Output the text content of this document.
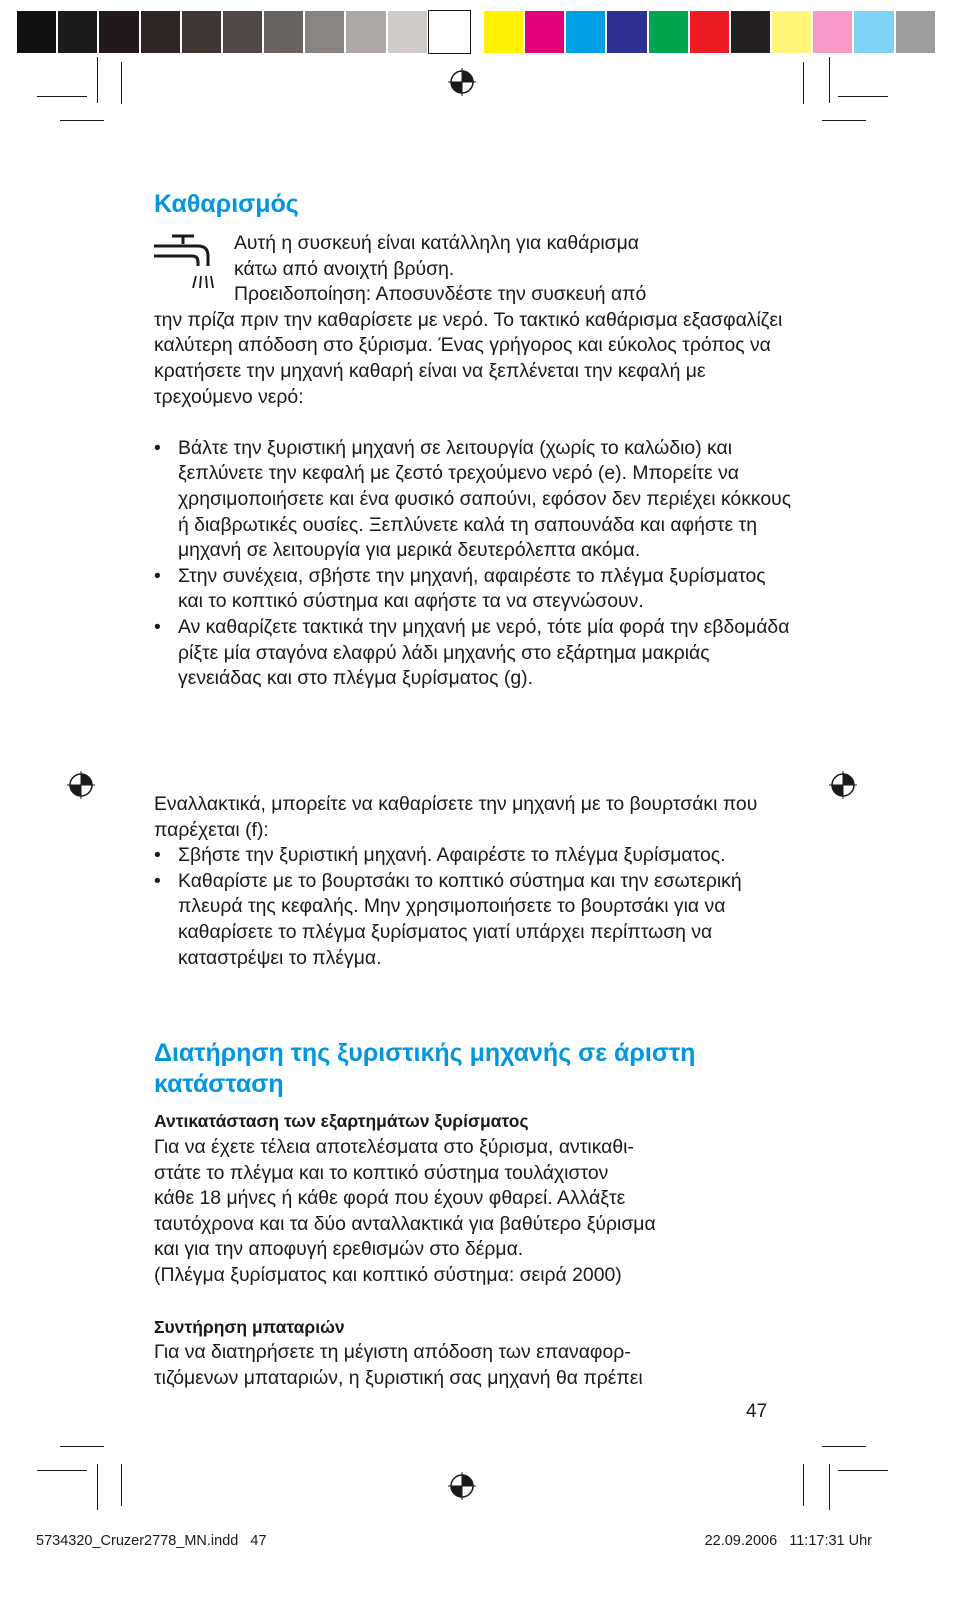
Καθαρισμός

Αυτή η συσκευή είναι κατάλληλη για καθάρισμα

κάτω από ανοιχτή βρύση.

Προειδοποίηση: Αποσυνδέστε την συσκευή από

την πρίζα πριν την καθαρίσετε με νερό. Το τακτικό καθάρισμα εξασφαλίζει καλύτερη απόδοση στο ξύρισμα. Ένας γρήγορος και εύκολος τρόπος να κρατήσετε την μηχανή καθαρή είναι να ξεπλένεται την κεφαλή με τρεχούμενο νερό:

• Βάλτε την ξυριστική μηχανή σε λειτουργία (χωρίς το καλώδιο) και ξεπλύνετε την κεφαλή με ζεστό τρεχούμενο νερό (e). Μπορείτε να χρησιμοποιήσετε και ένα φυσικό σαπούνι, εφόσον δεν περιέχει κόκκους ή διαβρωτικές ουσίες. Ξεπλύνετε καλά τη σαπουνάδα και αφήστε τη μηχανή σε λειτουργία για μερικά δευτερόλεπτα ακόμα.
• Στην συνέχεια, σβήστε την μηχανή, αφαιρέστε το πλέγμα ξυρίσματος και το κοπτικό σύστημα και αφήστε τα να στεγνώσουν.
• Αν καθαρίζετε τακτικά την μηχανή με νερό, τότε μία φορά την εβδομάδα ρίξτε μία σταγόνα ελαφρύ λάδι μηχανής στο εξάρτημα μακριάς γενειάδας και στο πλέγμα ξυρίσματος (g).

Εναλλακτικά, μπορείτε να καθαρίσετε την μηχανή με το βουρτσάκι που παρέχεται (f):

• Σβήστε την ξυριστική μηχανή. Αφαιρέστε το πλέγμα ξυρίσματος.
• Καθαρίστε με το βουρτσάκι το κοπτικό σύστημα και την εσωτερική πλευρά της κεφαλής. Μην χρησιμοποιήσετε το βουρτσάκι για να καθαρίσετε το πλέγμα ξυρίσματος γιατί υπάρχει περίπτωση να καταστρέψει το πλέγμα.
Διατήρηση της ξυριστικής μηχανής σε άριστη
κατάσταση
Αντικατάσταση των εξαρτημάτων ξυρίσματος

Για να έχετε τέλεια αποτελέσματα στο ξύρισμα, αντικαθι-

στάτε το πλέγμα και το κοπτικό σύστημα τουλάχιστον

κάθε 18 μήνες ή κάθε φορά που έχουν φθαρεί. Αλλάξτε

ταυτόχρονα και τα δύο ανταλλακτικά για βαθύτερο ξύρισμα

και για την αποφυγή ερεθισμών στο δέρμα.

(Πλέγμα ξυρίσματος και κοπτικό σύστημα: σειρά 2000)

Συντήρηση μπαταριών

Για να διατηρήσετε τη μέγιστη απόδοση των επαναφορ-

τιζόμενων μπαταριών, η ξυριστική σας μηχανή θα πρέπει

47
5734320_Cruzer2778_MN.indd   47	22.09.2006   11:17:31 Uhr
